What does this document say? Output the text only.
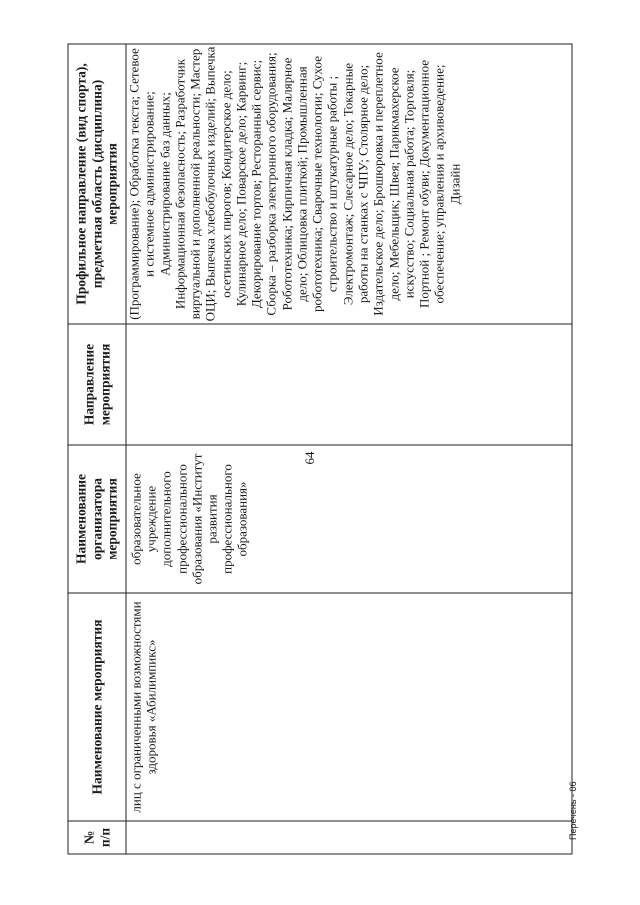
64
№ п/п	Наименование мероприятия	Наименование организатора мероприятия	Направление мероприятия	Профильное направление (вид спорта), предметная область (дисциплина) мероприятия

	лиц с ограниченными возможностями здоровья «Абилимпикс»	образовательное учреждение дополнительного профессионального образования «Институт развития профессионального образования»		(Программирование); Обработка текста; Сетевое и системное администрирование; Администрирование баз данных; Информационная безопасность; Разработчик виртуальной и дополненной реальности; Мастер ОЦИ; Выпечка хлебобулочных изделий; Выпечка осетинских пирогов; Кондитерское дело; Кулинарное дело; Поварское дело; Карвинг; Декорирование тортов; Ресторанный сервис; Сборка – разборка электронного оборудования; Робототехника; Кирпичная кладка; Малярное дело; Облицовка плиткой; Промышленная робототехника; Сварочные технологии; Сухое строительство и штукатурные работы ; Электромонтаж; Слесарное дело; Токарные работы на станках с ЧПУ; Столярное дело; Издательское дело; Брошюровка и переплетное дело; Мебельщик; Швея; Парикмахерское искусство; Социальная работа; Торговля; Портной ; Ремонт обуви; Документационное обеспечение; управления и архивоведение; Дизайн
Перечень - 06
